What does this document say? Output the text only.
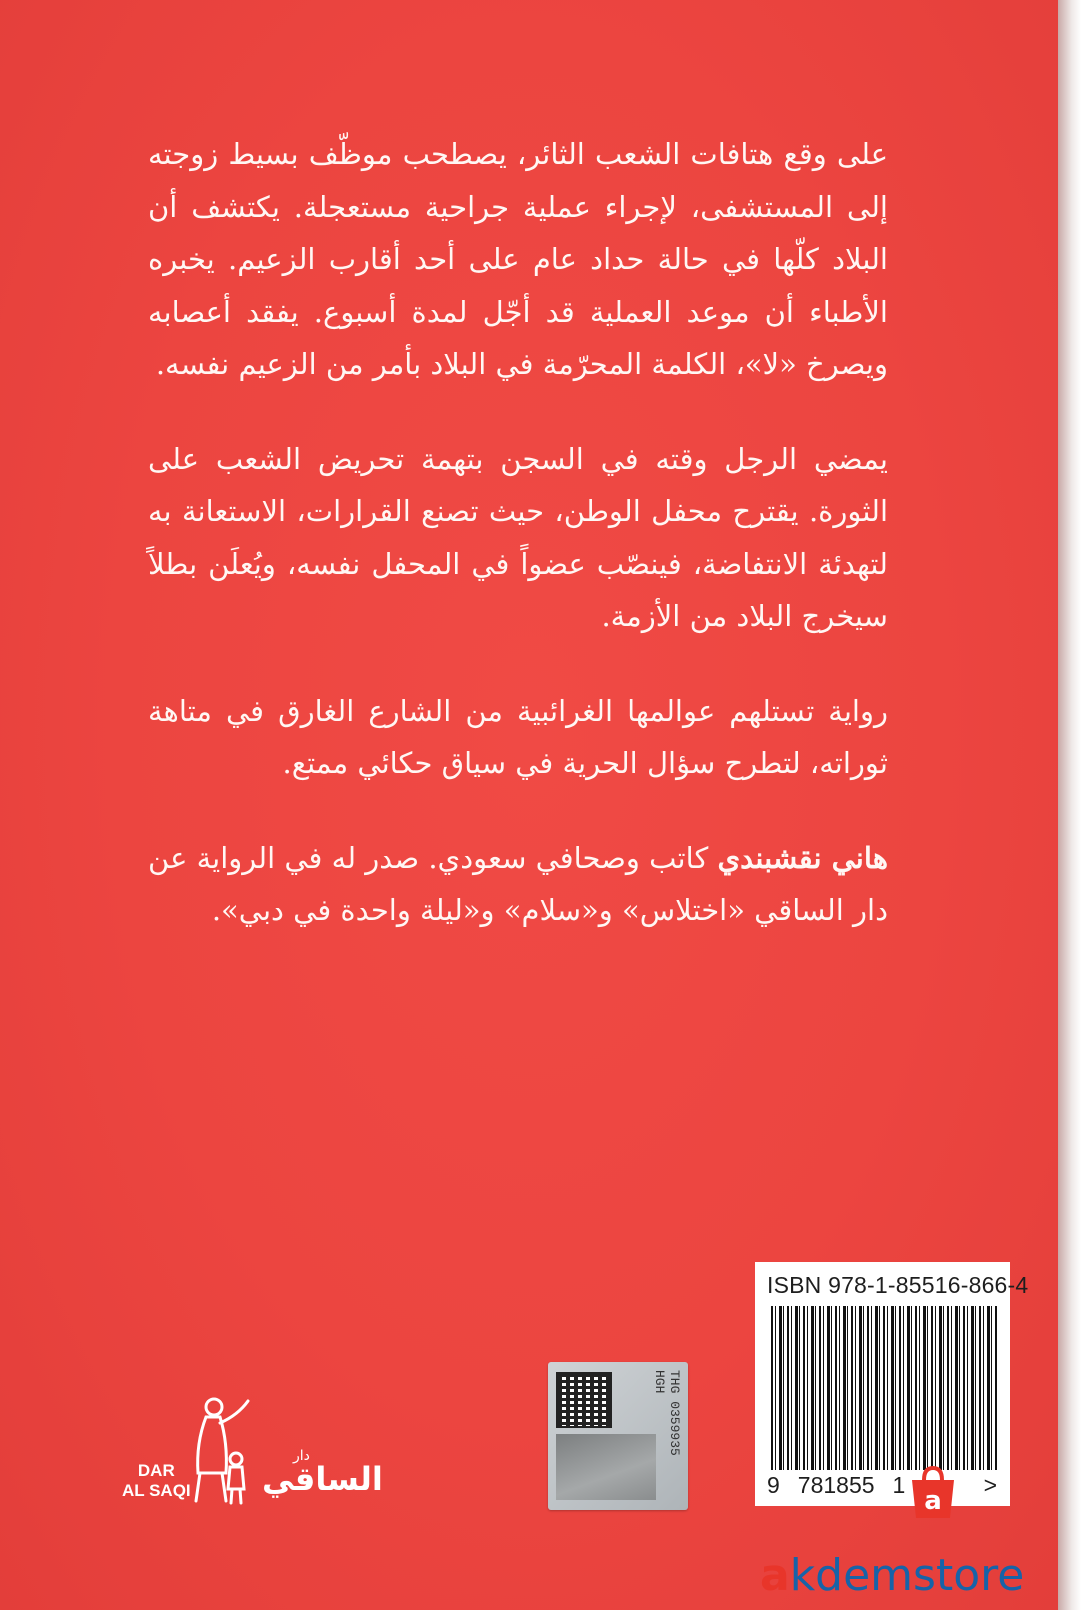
على وقع هتافات الشعب الثائر، يصطحب موظّف بسيط زوجته إلى المستشفى، لإجراء عملية جراحية مستعجلة. يكتشف أن البلاد كلّها في حالة حداد عام على أحد أقارب الزعيم. يخبره الأطباء أن موعد العملية قد أجّل لمدة أسبوع. يفقد أعصابه ويصرخ «لا»، الكلمة المحرّمة في البلاد بأمر من الزعيم نفسه.

يمضي الرجل وقته في السجن بتهمة تحريض الشعب على الثورة. يقترح محفل الوطن، حيث تصنع القرارات، الاستعانة به لتهدئة الانتفاضة، فينصّب عضواً في المحفل نفسه، ويُعلَن بطلاً سيخرج البلاد من الأزمة.

رواية تستلهم عوالمها الغرائبية من الشارع الغارق في متاهة ثوراته، لتطرح سؤال الحرية في سياق حكائي ممتع.

هاني نقشبندي كاتب وصحافي سعودي. صدر له في الرواية عن دار الساقي «اختلاس» و«سلام» و«ليلة واحدة في دبي».

THG 0359935
HGH
ISBN 978-1-85516-866-4
9 781855 1	>
DAR
AL SAQI
دار
الساقي
a
akdemstore
